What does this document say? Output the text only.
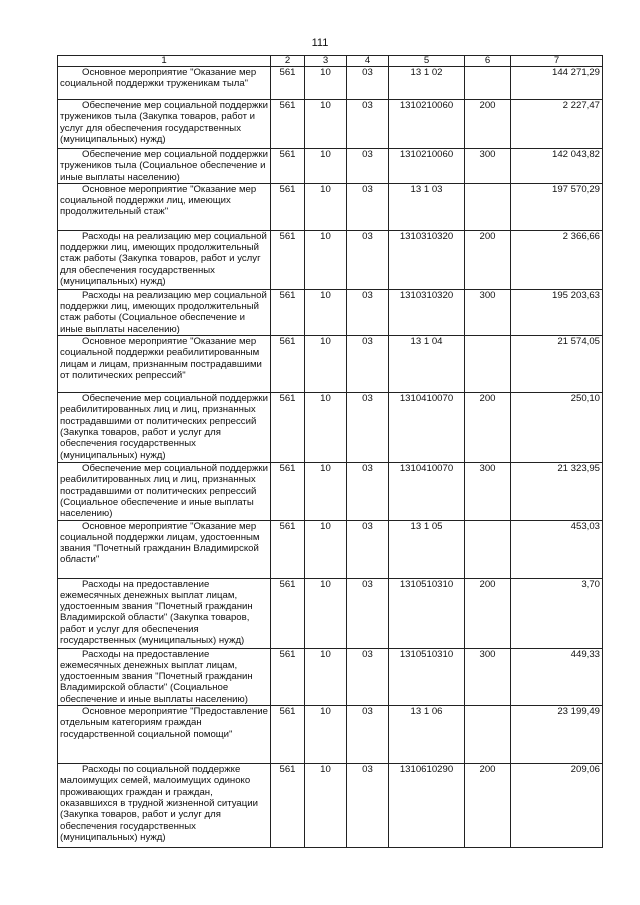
111
1	2	3	4	5	6	7
Основное мероприятие "Оказание мер социальной поддержки труженикам тыла"	561	10	03	13 1 02		144 271,29
Обеспечение мер социальной поддержки тружеников тыла (Закупка товаров, работ и услуг для обеспечения государственных (муниципальных) нужд)	561	10	03	1310210060	200	2 227,47
Обеспечение мер социальной поддержки тружеников тыла (Социальное обеспечение и иные выплаты населению)	561	10	03	1310210060	300	142 043,82
Основное мероприятие "Оказание мер социальной поддержки лиц, имеющих продолжительный стаж"	561	10	03	13 1 03		197 570,29
Расходы на реализацию мер социальной поддержки лиц, имеющих продолжительный стаж работы (Закупка товаров, работ и услуг для обеспечения государственных (муниципальных) нужд)	561	10	03	1310310320	200	2 366,66
Расходы на реализацию мер социальной поддержки лиц, имеющих продолжительный стаж работы (Социальное обеспечение и иные выплаты населению)	561	10	03	1310310320	300	195 203,63
Основное мероприятие "Оказание мер социальной поддержки реабилитированным лицам и лицам, признанным пострадавшими от политических репрессий"	561	10	03	13 1 04		21 574,05
Обеспечение мер социальной поддержки реабилитированных лиц и лиц, признанных пострадавшими от политических репрессий (Закупка товаров, работ и услуг для обеспечения государственных (муниципальных) нужд)	561	10	03	1310410070	200	250,10
Обеспечение мер социальной поддержки реабилитированных лиц и лиц, признанных пострадавшими от политических репрессий (Социальное обеспечение и иные выплаты населению)	561	10	03	1310410070	300	21 323,95
Основное мероприятие "Оказание мер социальной поддержки лицам, удостоенным звания "Почетный гражданин Владимирской области"	561	10	03	13 1 05		453,03
Расходы на предоставление ежемесячных денежных выплат лицам, удостоенным звания "Почетный гражданин Владимирской области" (Закупка товаров, работ и услуг для обеспечения государственных (муниципальных) нужд)	561	10	03	1310510310	200	3,70
Расходы на предоставление ежемесячных денежных выплат лицам, удостоенным звания "Почетный гражданин Владимирской области" (Социальное обеспечение и иные выплаты населению)	561	10	03	1310510310	300	449,33
Основное мероприятие "Предоставление отдельным категориям граждан государственной социальной помощи"	561	10	03	13 1 06		23 199,49
Расходы по социальной поддержке малоимущих семей, малоимущих одиноко проживающих граждан и граждан, оказавшихся в трудной жизненной ситуации (Закупка товаров, работ и услуг для обеспечения государственных (муниципальных) нужд)	561	10	03	1310610290	200	209,06
